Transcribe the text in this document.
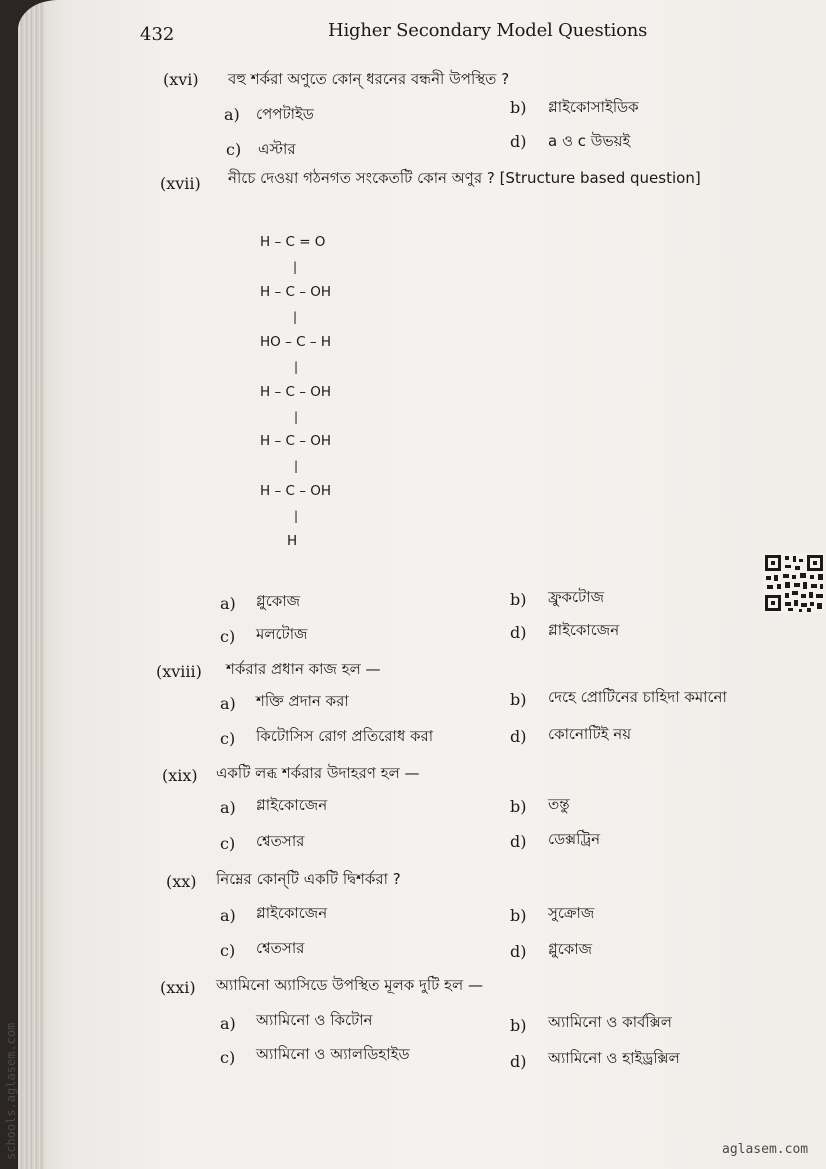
432	Higher Secondary Model Questions
(xvi) বহু শর্করা অণুতে কোন্ ধরনের বন্ধনী উপস্থিত ?
a) পেপটাইড	b) গ্লাইকোসাইডিক
c) এস্টার	d) a ও c উভয়ই
(xvii) নীচে দেওয়া গঠনগত সংকেতটি কোন অণুর ? [Structure based question]
H – C = O
|
H – C – OH
|
HO – C – H
|
H – C – OH
|
H – C – OH
|
H – C – OH
|
H
a) গ্লুকোজ	b) ফ্রুকটোজ
c) মলটোজ	d) গ্লাইকোজেন
(xviii) শর্করার প্রধান কাজ হল —
a) শক্তি প্রদান করা	b) দেহে প্রোটিনের চাহিদা কমানো
c) কিটোসিস রোগ প্রতিরোধ করা	d) কোনোটিই নয়
(xix) একটি লব্ধ শর্করার উদাহরণ হল —
a) গ্লাইকোজেন	b) তন্তু
c) শ্বেতসার	d) ডেক্সট্রিন
(xx) নিম্নের কোন্‌টি একটি দ্বিশর্করা ?
a) গ্লাইকোজেন	b) সুক্রোজ
c) শ্বেতসার	d) গ্লুকোজ
(xxi) অ্যামিনো অ্যাসিডে উপস্থিত মূলক দুটি হল —
a) অ্যামিনো ও কিটোন	b) অ্যামিনো ও কার্বক্সিল
c) অ্যামিনো ও অ্যালডিহাইড	d) অ্যামিনো ও হাইড্রক্সিল
aglasem.com
schools.aglasem.com
